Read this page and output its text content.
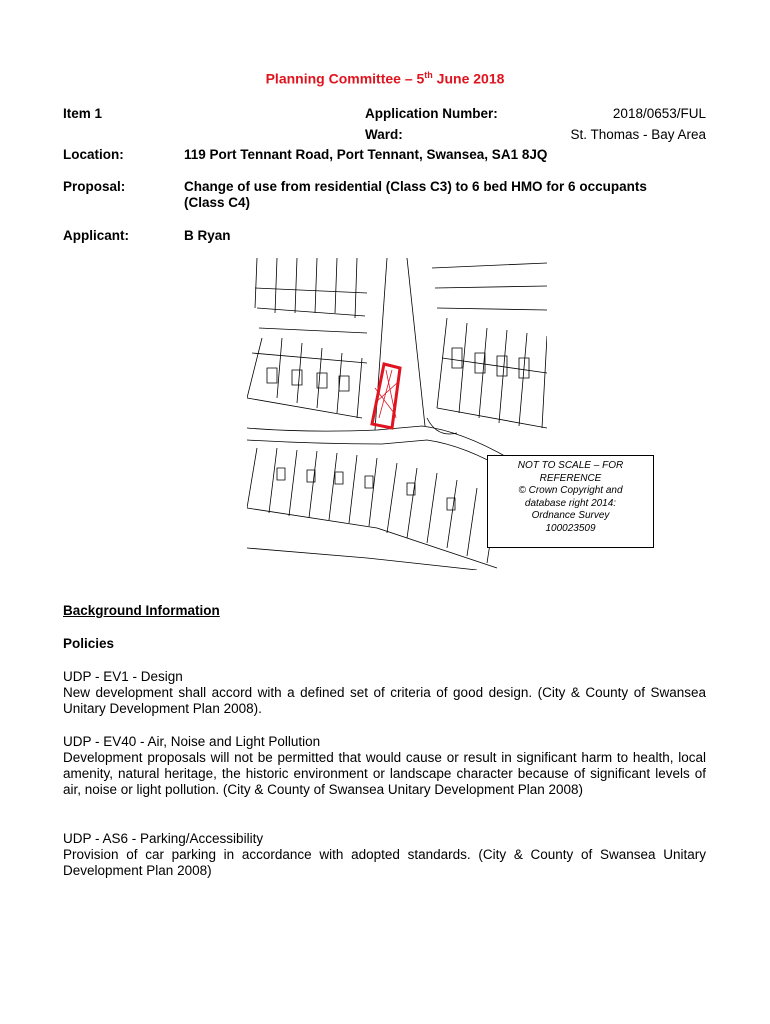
Planning Committee – 5th June 2018
Item 1	Application Number:	2018/0653/FUL
Ward:	St. Thomas - Bay Area
Location:	119 Port Tennant Road, Port Tennant, Swansea, SA1 8JQ
Proposal:	Change of use from residential (Class C3) to 6 bed HMO for 6 occupants
(Class C4)
Applicant:	B Ryan
NOT TO SCALE – FOR
REFERENCE
© Crown Copyright and
database right 2014:
Ordnance Survey
100023509
Background Information
Policies
UDP - EV1 - Design
New development shall accord with a defined set of criteria of good design. (City & County of Swansea Unitary Development Plan 2008).
UDP - EV40 - Air, Noise and Light Pollution
Development proposals will not be permitted that would cause or result in significant harm to health, local amenity, natural heritage, the historic environment or landscape character because of significant levels of air, noise or light pollution. (City & County of Swansea Unitary Development Plan 2008)
UDP - AS6 - Parking/Accessibility
Provision of car parking in accordance with adopted standards. (City & County of Swansea Unitary Development Plan 2008)
